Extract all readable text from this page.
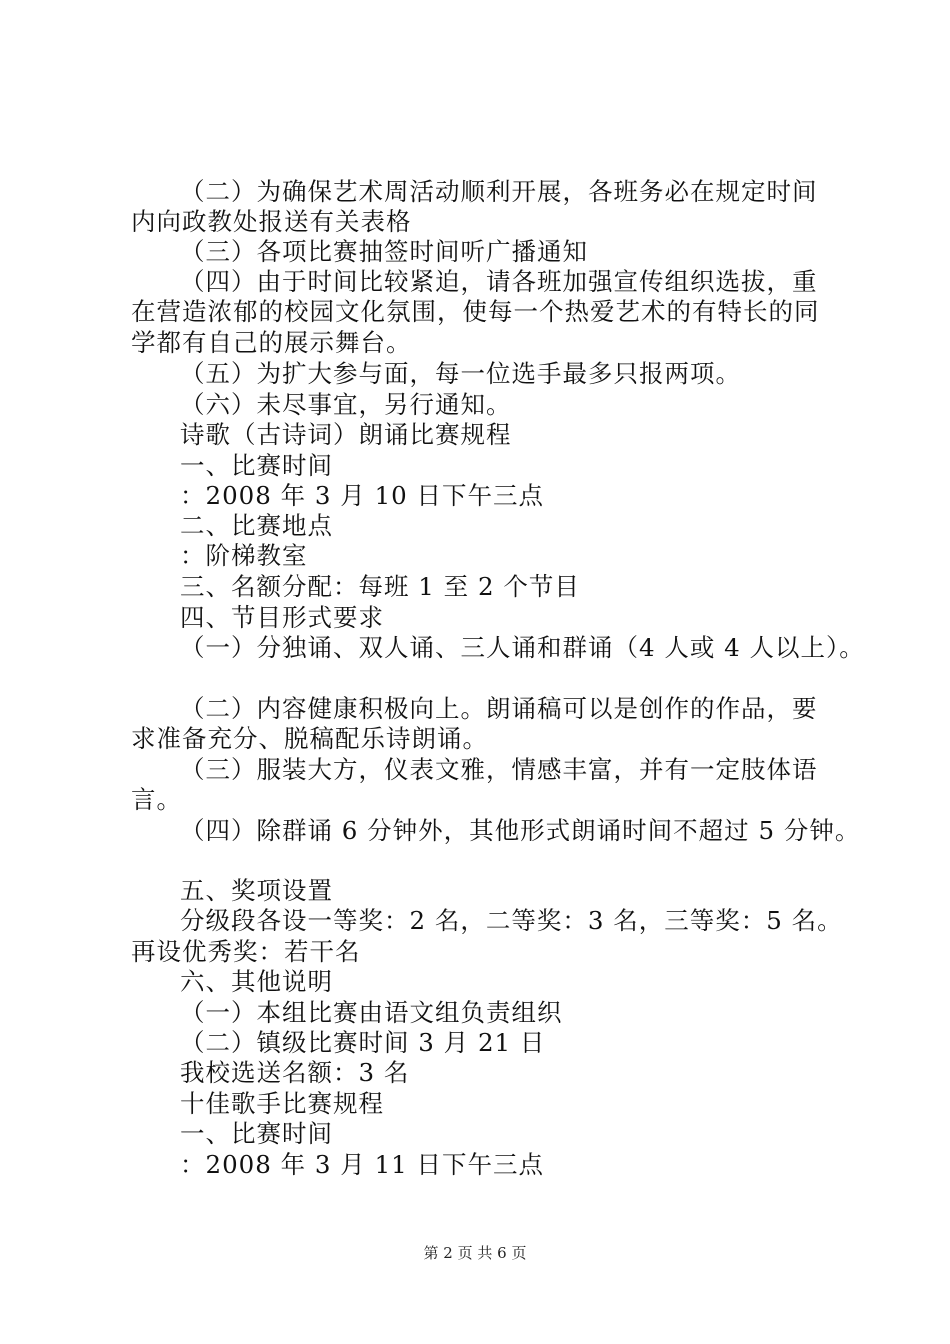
（二）为确保艺术周活动顺利开展，各班务必在规定时间
内向政教处报送有关表格
（三）各项比赛抽签时间听广播通知
（四）由于时间比较紧迫，请各班加强宣传组织选拔，重
在营造浓郁的校园文化氛围，使每一个热爱艺术的有特长的同
学都有自己的展示舞台。
（五）为扩大参与面，每一位选手最多只报两项。
（六）未尽事宜，另行通知。
诗歌（古诗词）朗诵比赛规程
一、比赛时间
：2008 年 3 月 10 日下午三点
二、比赛地点
：阶梯教室
三、名额分配：每班 1 至 2 个节目
四、节目形式要求
（一）分独诵、双人诵、三人诵和群诵（4 人或 4 人以上）。
（二）内容健康积极向上。朗诵稿可以是创作的作品，要
求准备充分、脱稿配乐诗朗诵。
（三）服装大方，仪表文雅，情感丰富，并有一定肢体语
言。
（四）除群诵 6 分钟外，其他形式朗诵时间不超过 5 分钟。
五、奖项设置
分级段各设一等奖：2 名，二等奖：3 名，三等奖：5 名。
再设优秀奖：若干名
六、其他说明
（一）本组比赛由语文组负责组织
（二）镇级比赛时间 3 月 21 日
我校选送名额：3 名
十佳歌手比赛规程
一、比赛时间
：2008 年 3 月 11 日下午三点
第 2 页 共 6 页
